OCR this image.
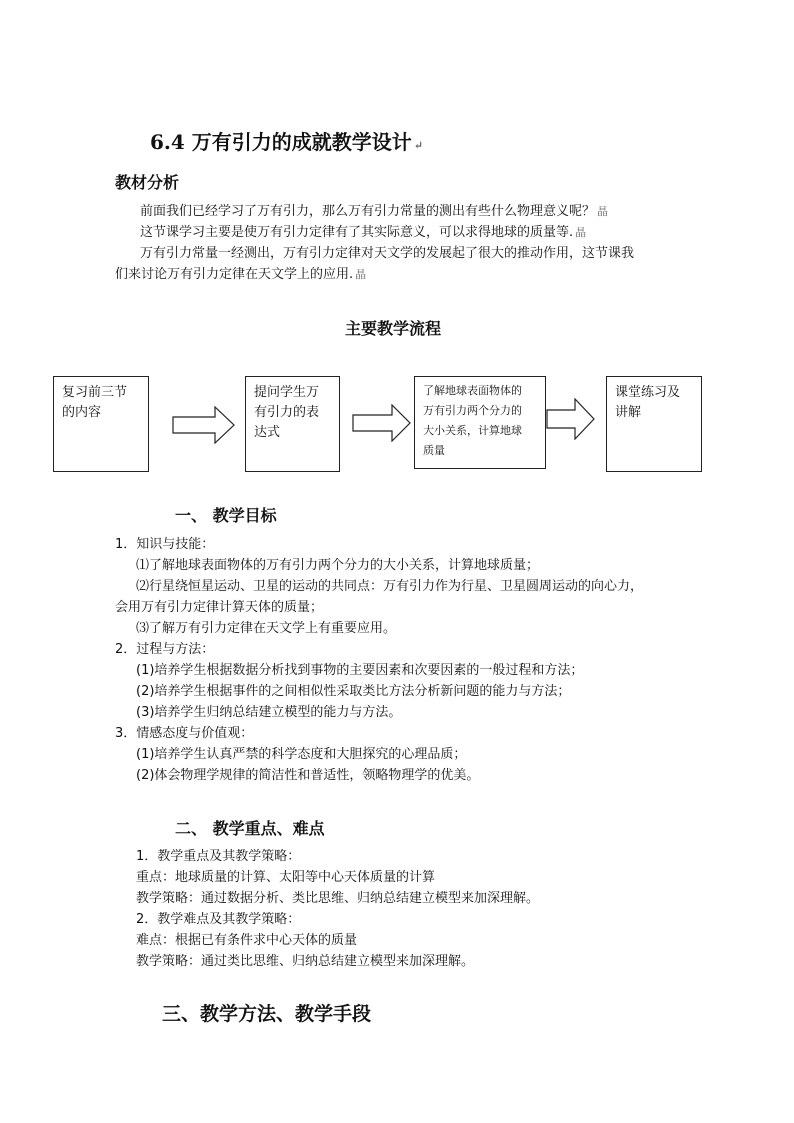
6.4 万有引力的成就教学设计 ↵
教材分析
前面我们已经学习了万有引力，那么万有引力常量的测出有些什么物理意义呢？ 晶
这节课学习主要是使万有引力定律有了其实际意义，可以求得地球的质量等. 晶
万有引力常量一经测出，万有引力定律对天文学的发展起了很大的推动作用，这节课我
们来讨论万有引力定律在天文学上的应用. 晶
主要教学流程
复习前三节
的内容
提问学生万
有引力的表
达式
了解地球表面物体的
万有引力两个分力的
大小关系，计算地球
质量
课堂练习及
讲解
一、 教学目标
1．知识与技能：
⑴了解地球表面物体的万有引力两个分力的大小关系，计算地球质量；
⑵行星绕恒星运动、卫星的运动的共同点：万有引力作为行星、卫星圆周运动的向心力，
会用万有引力定律计算天体的质量；
⑶了解万有引力定律在天文学上有重要应用。
2．过程与方法：
(1)培养学生根据数据分析找到事物的主要因素和次要因素的一般过程和方法；
(2)培养学生根据事件的之间相似性采取类比方法分析新问题的能力与方法；
(3)培养学生归纳总结建立模型的能力与方法。
3．情感态度与价值观：
(1)培养学生认真严禁的科学态度和大胆探究的心理品质；
(2)体会物理学规律的简洁性和普适性，领略物理学的优美。
二、 教学重点、难点
1．教学重点及其教学策略：
重点：地球质量的计算、太阳等中心天体质量的计算
教学策略：通过数据分析、类比思维、归纳总结建立模型来加深理解。
2．教学难点及其教学策略：
难点：根据已有条件求中心天体的质量
教学策略：通过类比思维、归纳总结建立模型来加深理解。
三、教学方法、教学手段
